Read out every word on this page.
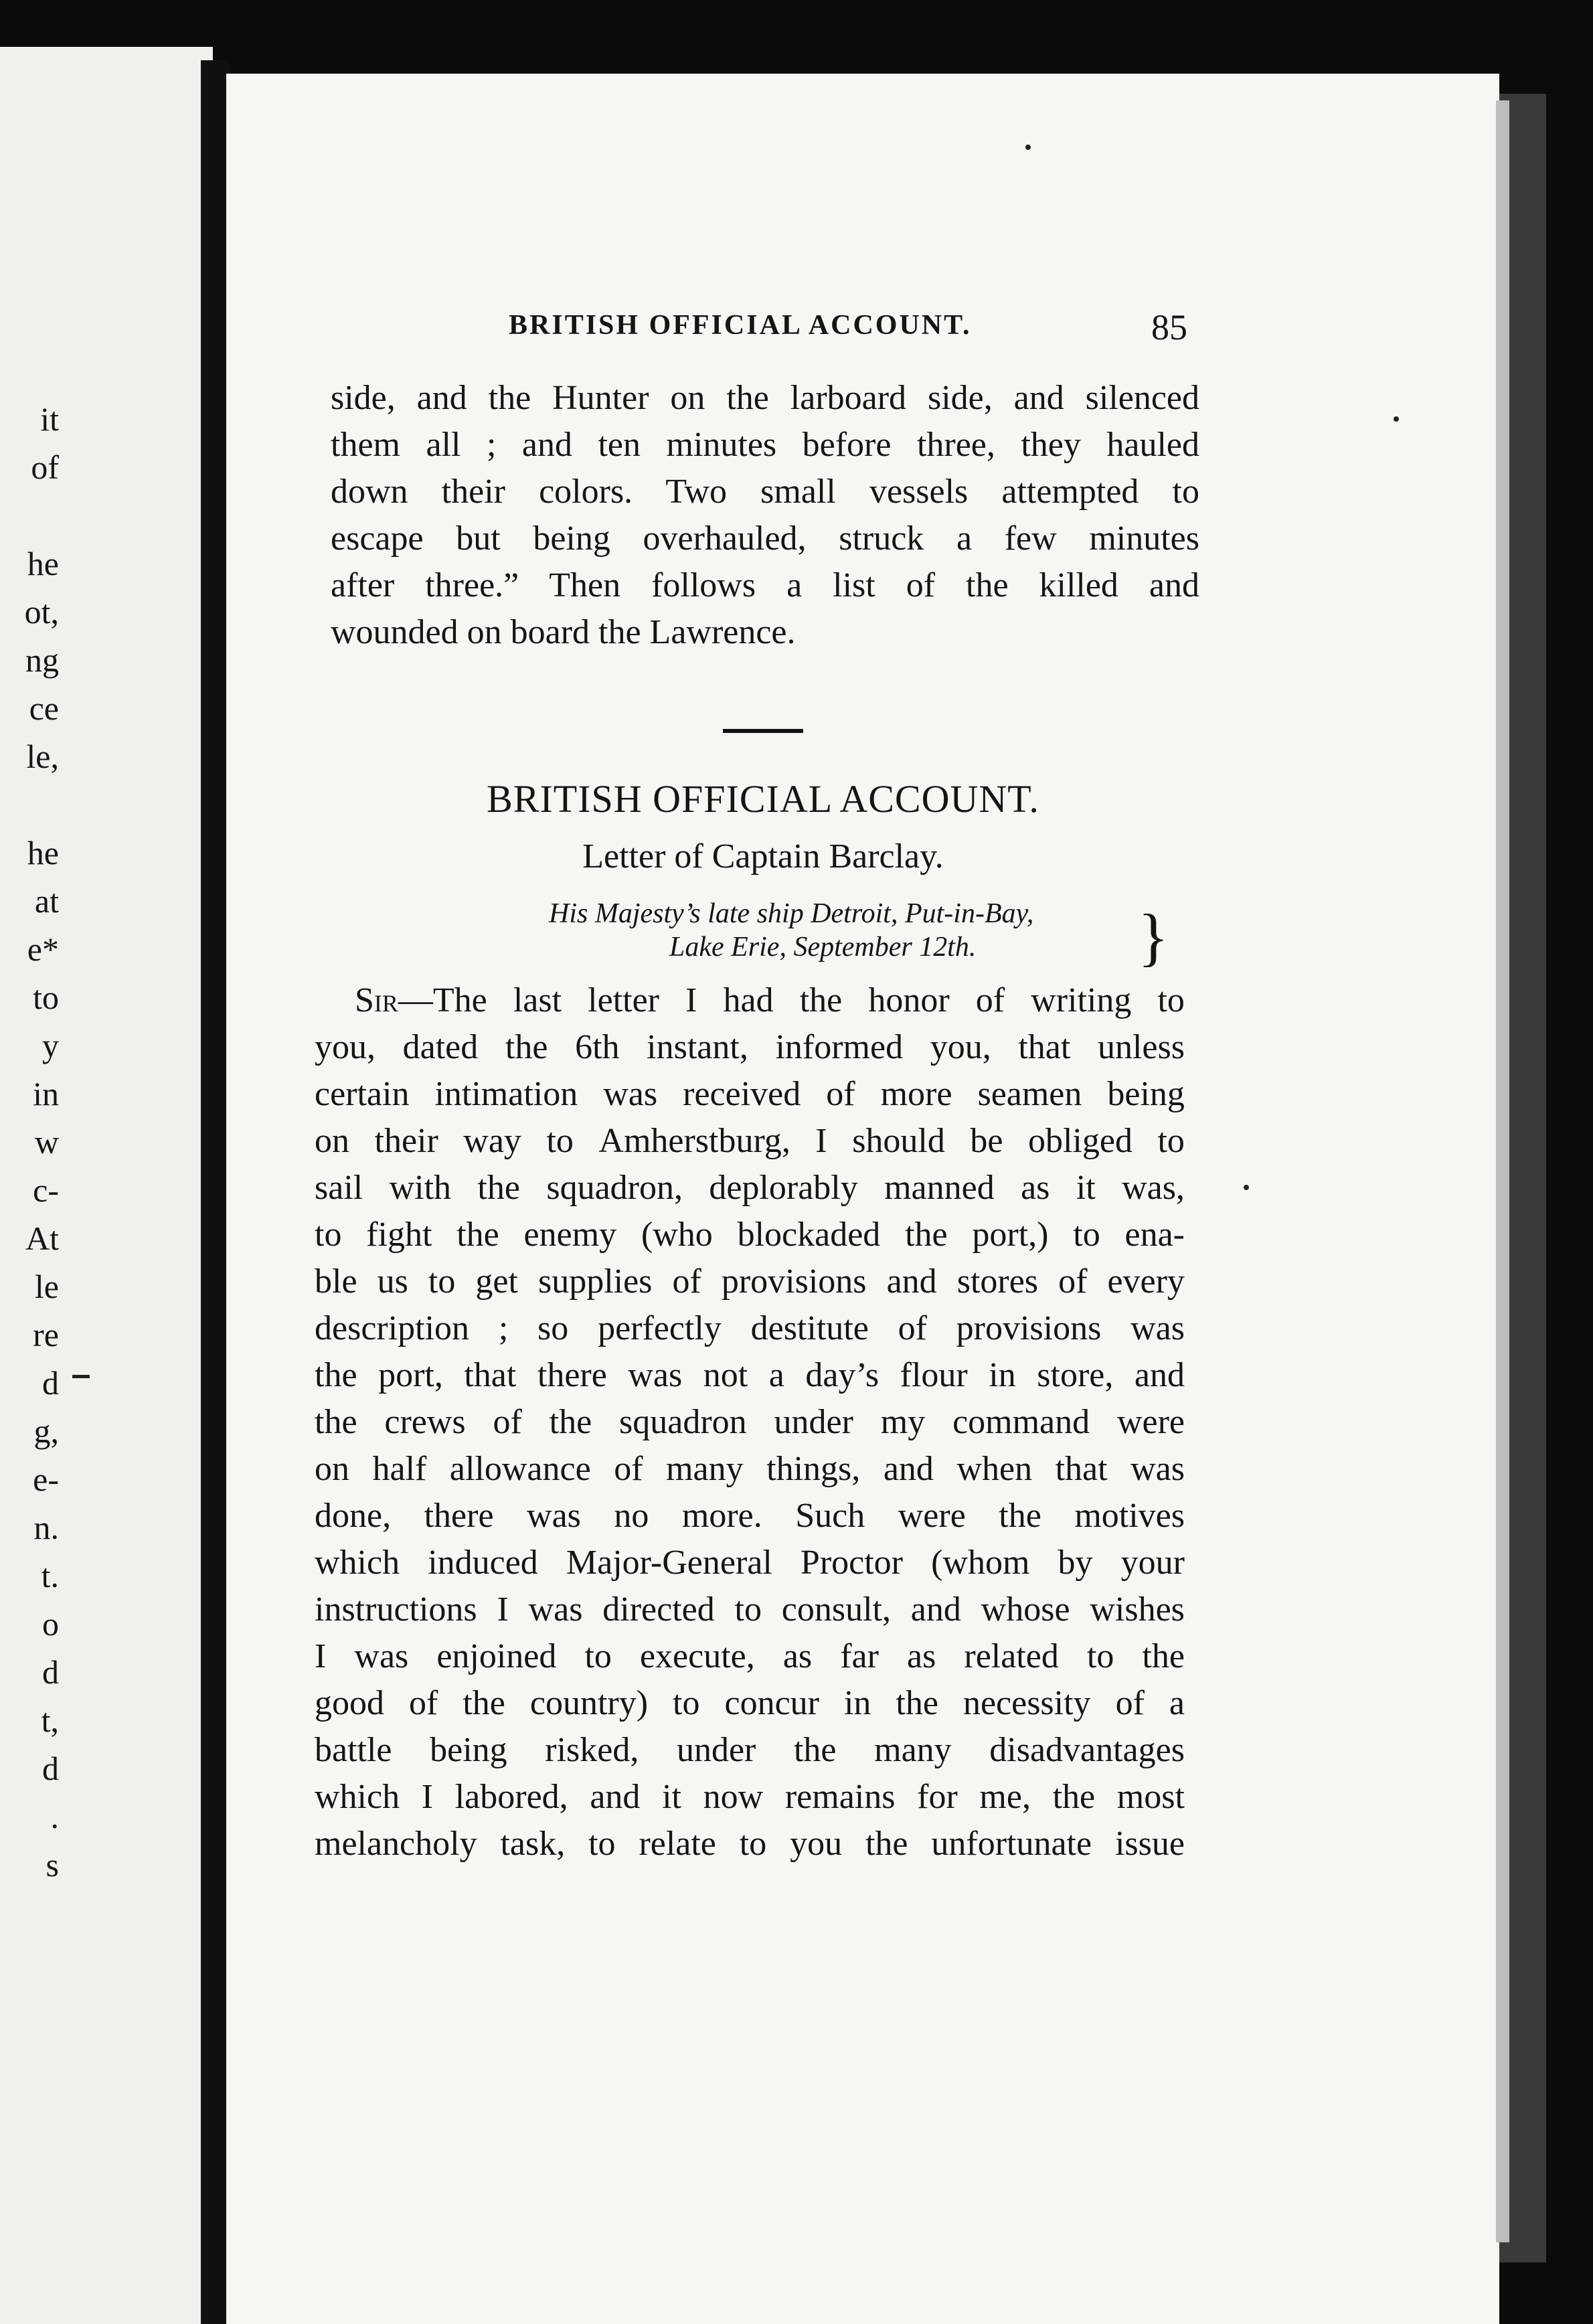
it
of
he
ot,
ng
ce
le,
he
at
e*
to
y
in
w
c-
At
le
re
d
g,
e-
n.
t.
o
d
t,
d
.
s
BRITISH OFFICIAL ACCOUNT.	85
side, and the Hunter on the larboard side, and silenced
them all ; and ten minutes before three, they hauled
down their colors. Two small vessels attempted to
escape but being overhauled, struck a few minutes
after three.” Then follows a list of the killed and
wounded on board the Lawrence.
BRITISH OFFICIAL ACCOUNT.
Letter of Captain Barclay.
His Majesty’s late ship Detroit, Put-in-Bay,
Lake Erie, September 12th.	}
Sir —The last letter I had the honor of writing to
you, dated the 6th instant, informed you, that unless
certain intimation was received of more seamen being
on their way to Amherstburg, I should be obliged to
sail with the squadron, deplorably manned as it was,
to fight the enemy (who blockaded the port,) to ena-
ble us to get supplies of provisions and stores of every
description ; so perfectly destitute of provisions was
the port, that there was not a day’s flour in store, and
the crews of the squadron under my command were
on half allowance of many things, and when that was
done, there was no more. Such were the motives
which induced Major-General Proctor (whom by your
instructions I was directed to consult, and whose wishes
I was enjoined to execute, as far as related to the
good of the country) to concur in the necessity of a
battle being risked, under the many disadvantages
which I labored, and it now remains for me, the most
melancholy task, to relate to you the unfortunate issue
